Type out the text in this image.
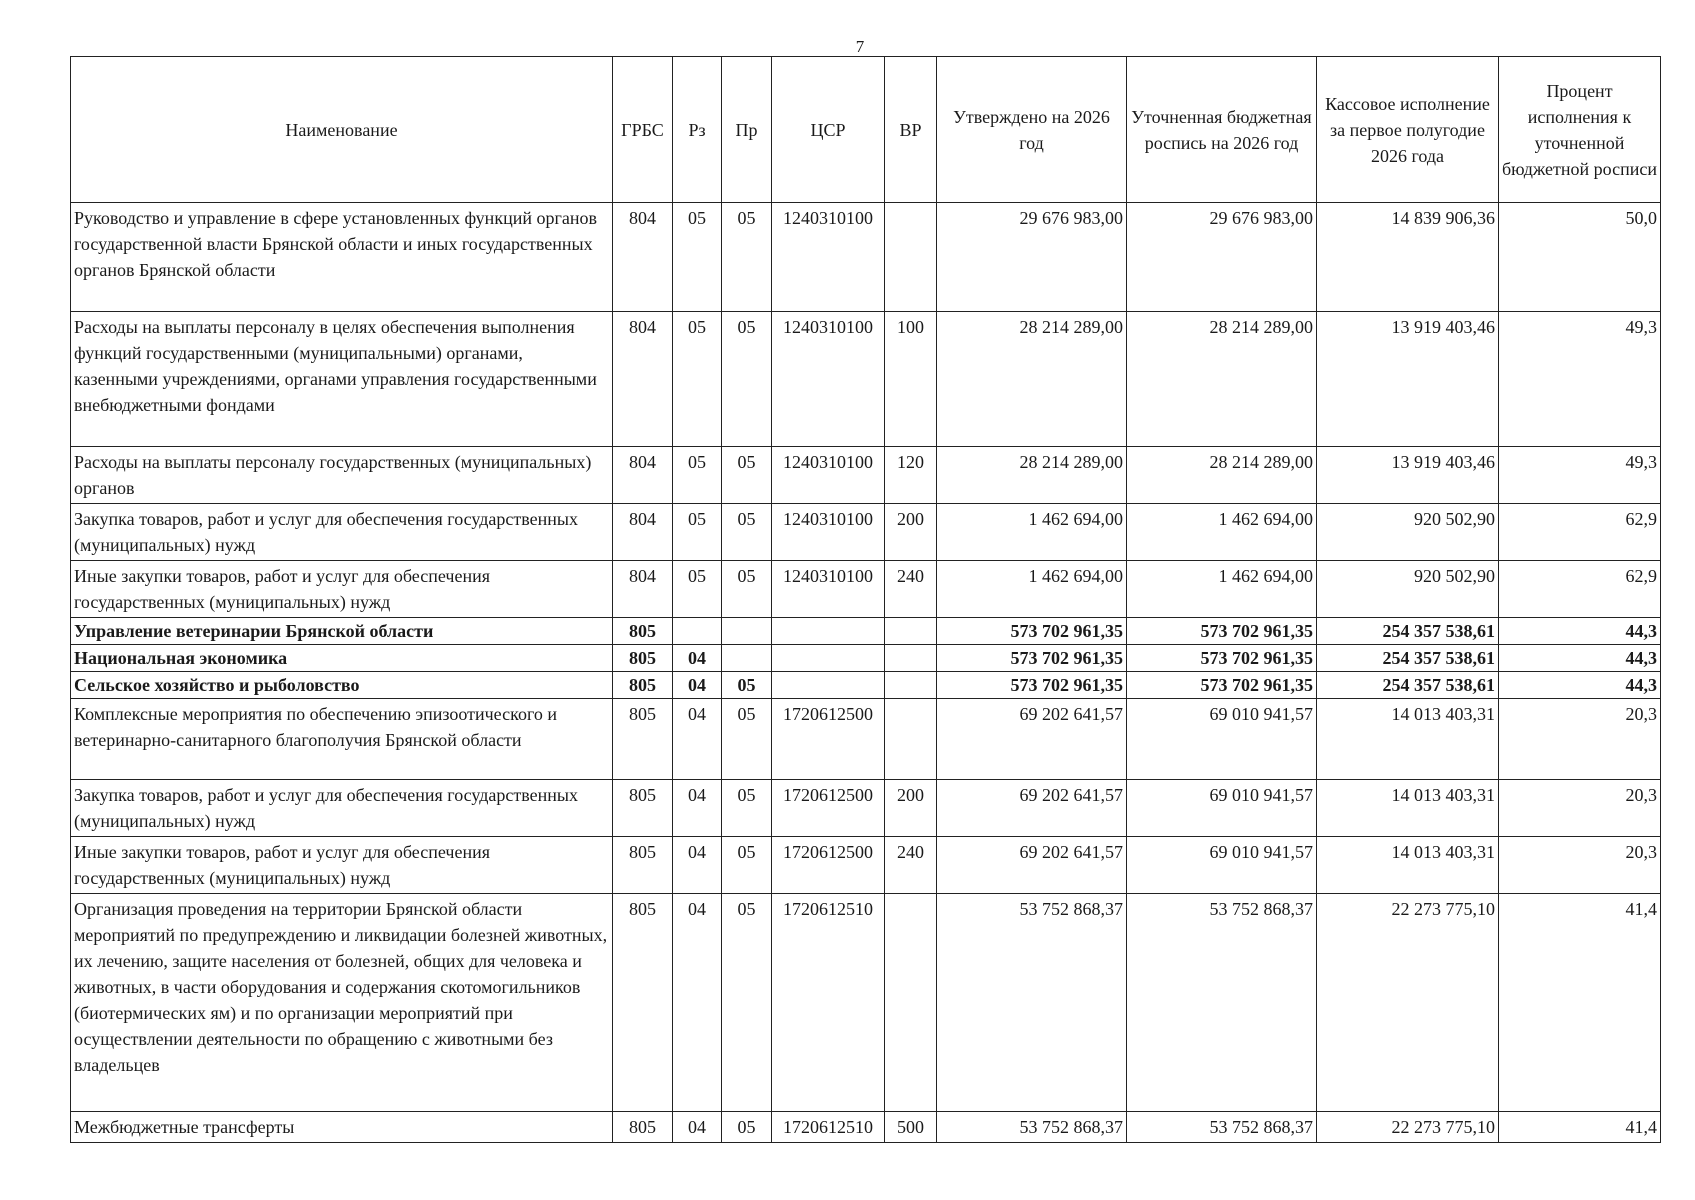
7
Наименование	ГРБС	Рз	Пр	ЦСР	ВР	Утверждено на 2026 год	Уточненная бюджетная роспись на 2026 год	Кассовое исполнение за первое полугодие 2026 года	Процент исполнения к уточненной бюджетной росписи
Руководство и управление в сфере установленных функций органов государственной власти Брянской области и иных государственных органов Брянской области	804	05	05	1240310100		29 676 983,00	29 676 983,00	14 839 906,36	50,0
Расходы на выплаты персоналу в целях обеспечения выполнения функций государственными (муниципальными) органами, казенными учреждениями, органами управления государственными внебюджетными фондами	804	05	05	1240310100	100	28 214 289,00	28 214 289,00	13 919 403,46	49,3
Расходы на выплаты персоналу государственных (муниципальных) органов	804	05	05	1240310100	120	28 214 289,00	28 214 289,00	13 919 403,46	49,3
Закупка товаров, работ и услуг для обеспечения государственных (муниципальных) нужд	804	05	05	1240310100	200	1 462 694,00	1 462 694,00	920 502,90	62,9
Иные закупки товаров, работ и услуг для обеспечения государственных (муниципальных) нужд	804	05	05	1240310100	240	1 462 694,00	1 462 694,00	920 502,90	62,9
Управление ветеринарии Брянской области	805					573 702 961,35	573 702 961,35	254 357 538,61	44,3
Национальная экономика	805	04				573 702 961,35	573 702 961,35	254 357 538,61	44,3
Сельское хозяйство и рыболовство	805	04	05			573 702 961,35	573 702 961,35	254 357 538,61	44,3
Комплексные мероприятия по обеспечению эпизоотического и ветеринарно-санитарного благополучия Брянской области	805	04	05	1720612500		69 202 641,57	69 010 941,57	14 013 403,31	20,3
Закупка товаров, работ и услуг для обеспечения государственных (муниципальных) нужд	805	04	05	1720612500	200	69 202 641,57	69 010 941,57	14 013 403,31	20,3
Иные закупки товаров, работ и услуг для обеспечения государственных (муниципальных) нужд	805	04	05	1720612500	240	69 202 641,57	69 010 941,57	14 013 403,31	20,3
Организация проведения на территории Брянской области мероприятий по предупреждению и ликвидации болезней животных, их лечению, защите населения от болезней, общих для человека и животных, в части оборудования и содержания скотомогильников (биотермических ям) и по организации мероприятий при осуществлении деятельности по обращению с животными без владельцев	805	04	05	1720612510		53 752 868,37	53 752 868,37	22 273 775,10	41,4
Межбюджетные трансферты	805	04	05	1720612510	500	53 752 868,37	53 752 868,37	22 273 775,10	41,4
